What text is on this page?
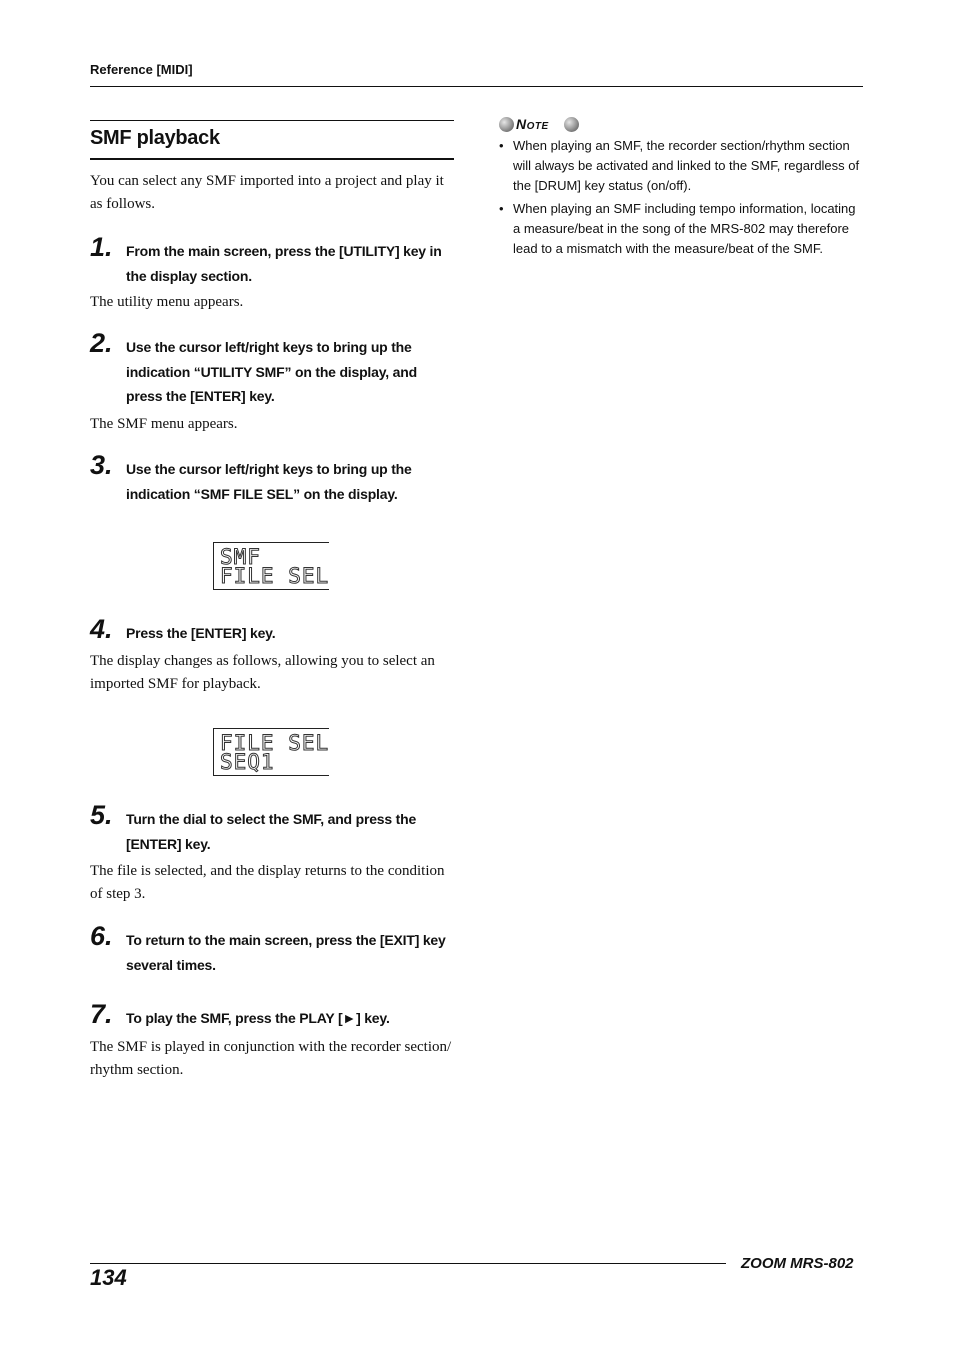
Reference [MIDI]
SMF playback
You can select any SMF imported into a project and play it as follows.
1. From the main screen, press the [UTILITY] key in the display section.
The utility menu appears.
2. Use the cursor left/right keys to bring up the indication “UTILITY SMF” on the display, and press the [ENTER] key.
The SMF menu appears.
3. Use the cursor left/right keys to bring up the indication “SMF FILE SEL” on the display.
SMF
FILE SEL
4. Press the [ENTER] key.
The display changes as follows, allowing you to select an imported SMF for playback.
FILE SEL
SEQ1
5. Turn the dial to select the SMF, and press the [ENTER] key.
The file is selected, and the display returns to the condition of step 3.
6. To return to the main screen, press the [EXIT] key several times.
7. To play the SMF, press the PLAY [►] key.
The SMF is played in conjunction with the recorder section/ rhythm section.
Note
• When playing an SMF, the recorder section/rhythm section will always be activated and linked to the SMF, regardless of the [DRUM] key status (on/off).
• When playing an SMF including tempo information, locating a measure/beat in the song of the MRS-802 may therefore lead to a mismatch with the measure/beat of the SMF.
134
ZOOM MRS-802
